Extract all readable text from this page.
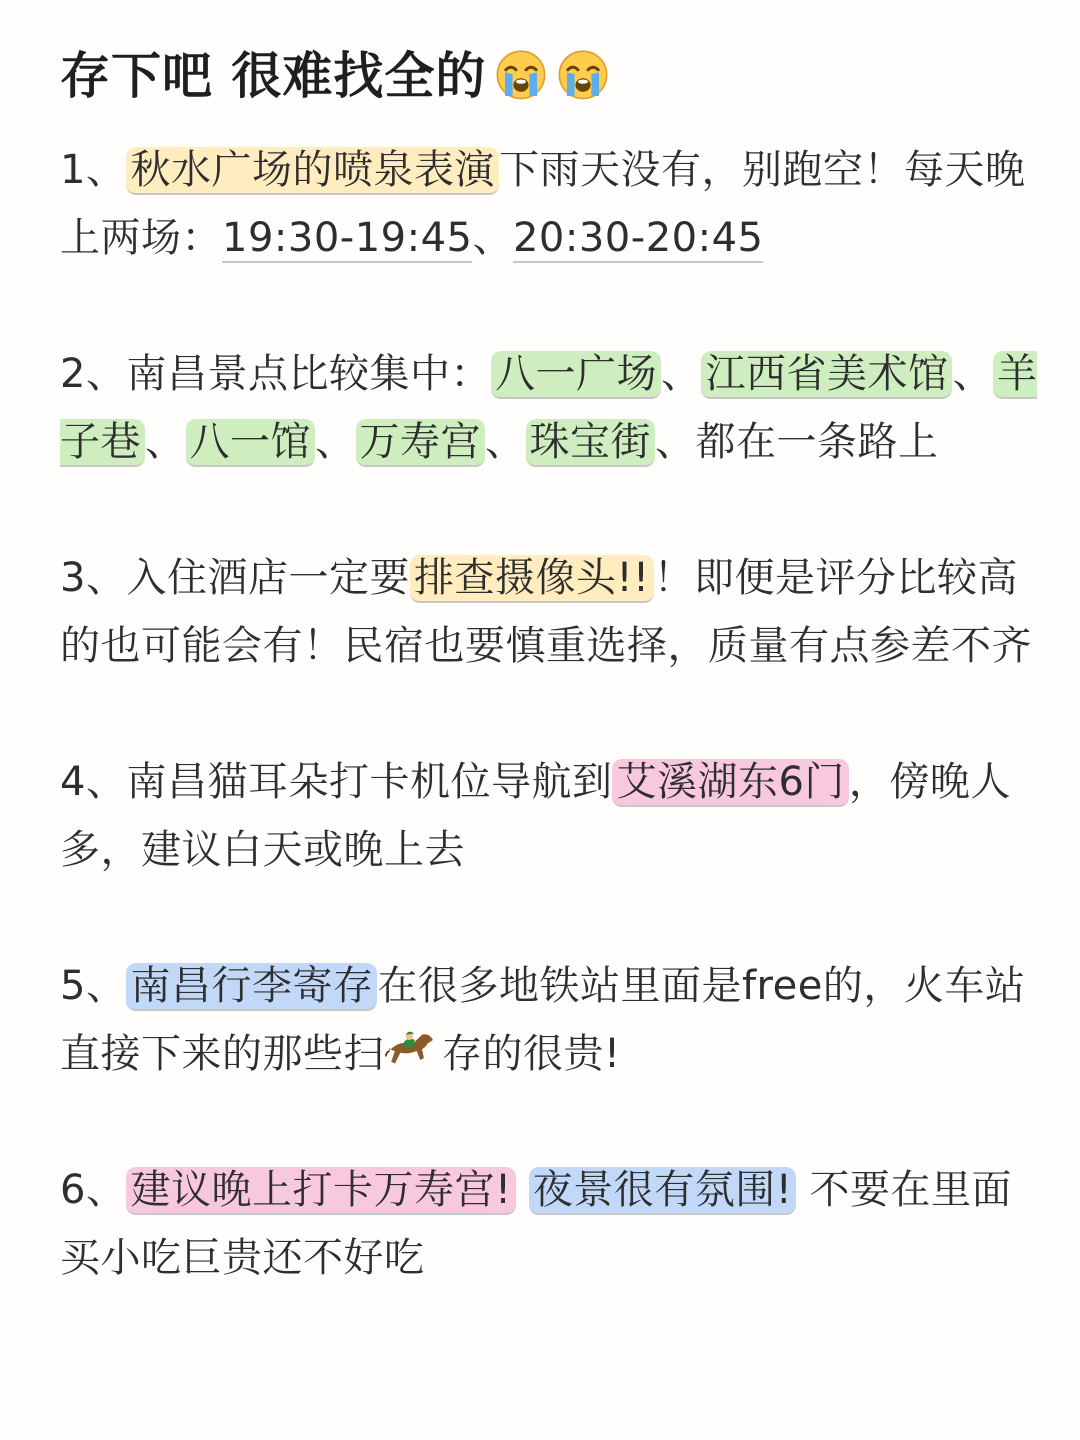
存下吧 很难找全的

1、 秋水广场的喷泉表演 下雨天没有，别跑空！每天晚上两场：19:30-19:45、20:30-20:45

2、南昌景点比较集中： 八一广场 、 江西省美术馆 、 羊子巷 、 八一馆 、 万寿宫 、 珠宝街 、都在一条路上

3、入住酒店一定要 排查摄像头!! ！即便是评分比较高的也可能会有！民宿也要慎重选择，质量有点参差不齐

4、南昌猫耳朵打卡机位导航到 艾溪湖东6门 ，傍晚人多，建议白天或晚上去

5、 南昌行李寄存 在很多地铁站里面是free的，火车站直接下来的那些扫 存的很贵!

6、 建议晚上打卡万寿宫! 夜景很有氛围! 不要在里面买小吃巨贵还不好吃
